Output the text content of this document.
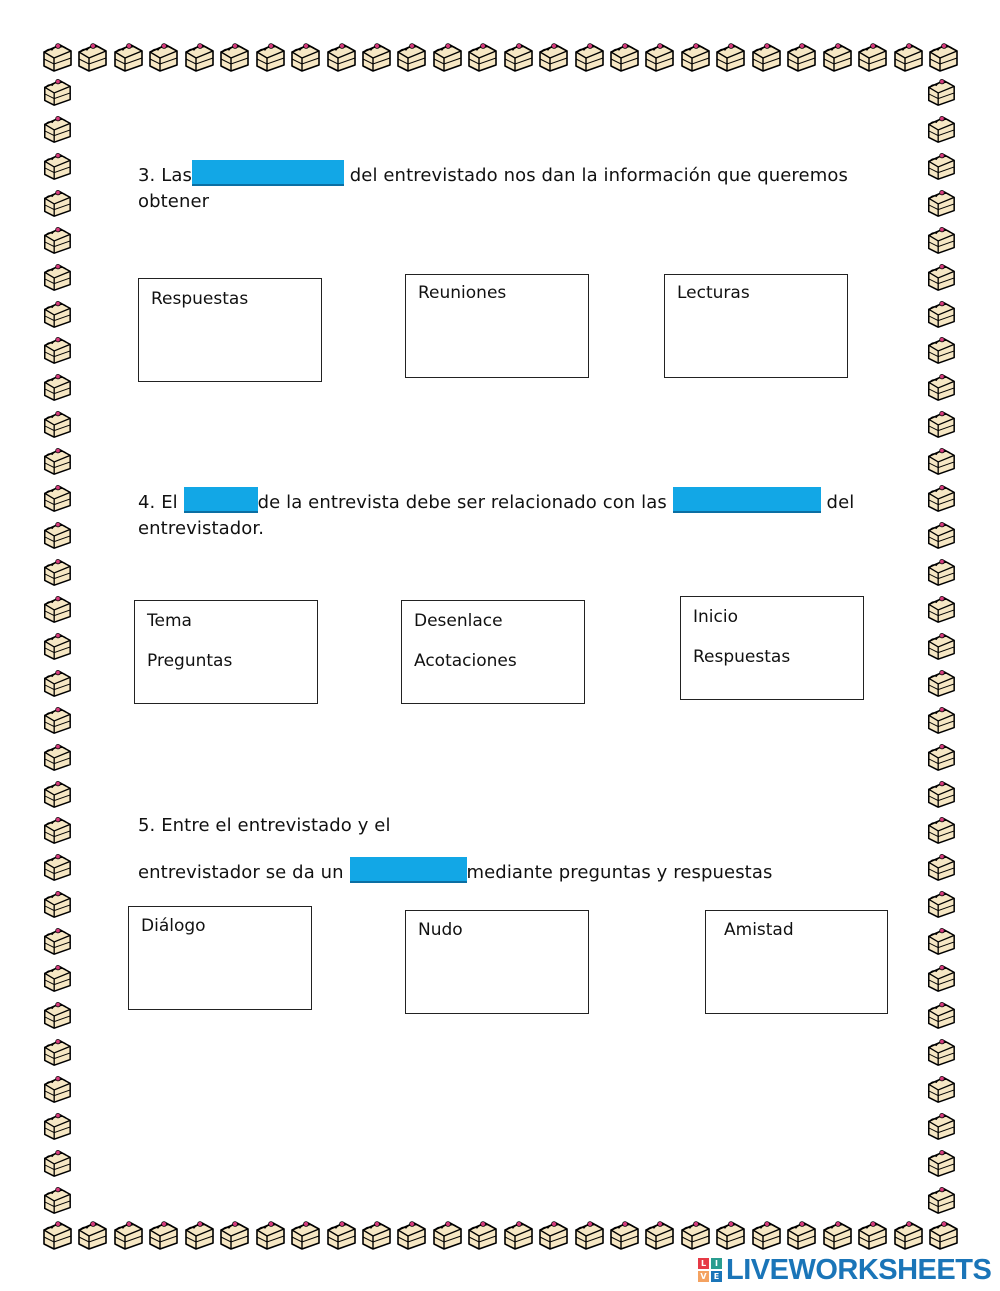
3. Las	del entrevistado nos dan la información que queremos
obtener
Respuestas	Reuniones	Lecturas
4. El	de la entrevista debe ser relacionado con las	del
entrevistador.
Tema
Preguntas
Desenlace
Acotaciones
Inicio
Respuestas
5. Entre el entrevistado y el
entrevistador se da un	mediante preguntas y respuestas
Diálogo	Nudo	Amistad
L	I
V E LIVEWORKSHEETS
